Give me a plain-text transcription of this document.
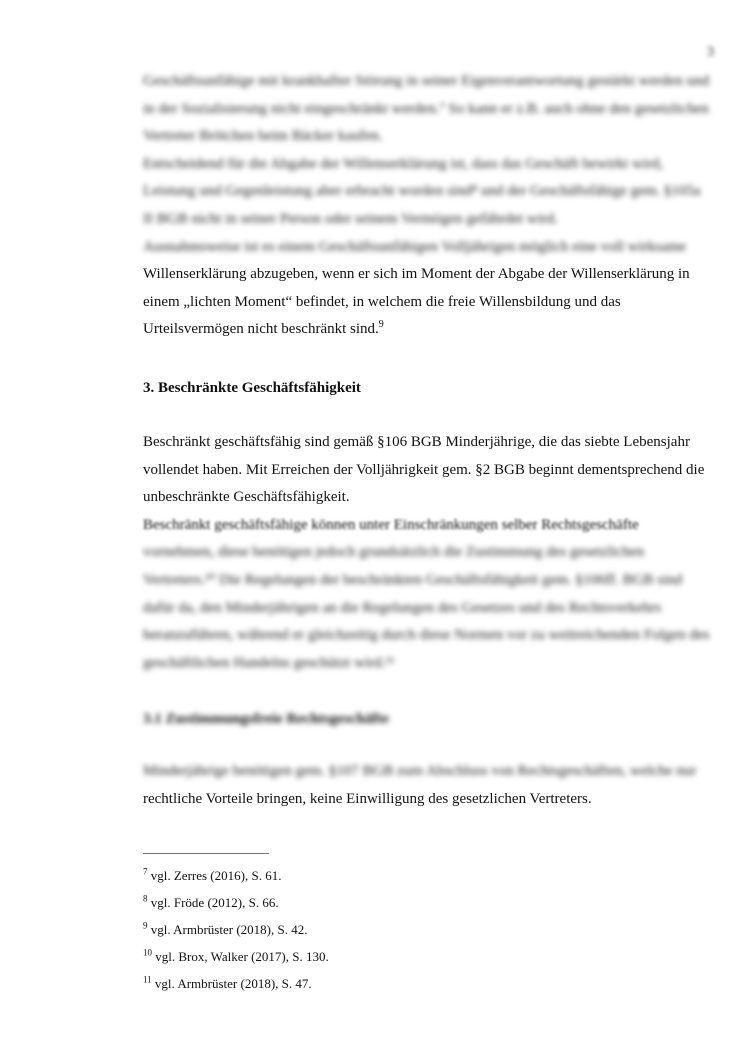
3
Geschäftsunfähige mit krankhafter Störung in seiner Eigenverantwortung gestärkt werden und
in der Sozialisierung nicht eingeschränkt werden.⁷ So kann er z.B. auch ohne den gesetzlichen
Vertreter Brötchen beim Bäcker kaufen.
Entscheidend für die Abgabe der Willenserklärung ist, dass das Geschäft bewirkt wird,
Leistung und Gegenleistung aber erbracht worden sind⁸ und der Geschäftsfähige gem. §105a
II BGB nicht in seiner Person oder seinem Vermögen gefährdet wird.
Ausnahmsweise ist es einem Geschäftsunfähigen Volljährigen möglich eine voll wirksame
Willenserklärung abzugeben, wenn er sich im Moment der Abgabe der Willenserklärung in
einem „lichten Moment“ befindet, in welchem die freie Willensbildung und das
Urteilsvermögen nicht beschränkt sind.$^9$
3. Beschränkte Geschäftsfähigkeit
Beschränkt geschäftsfähig sind gemäß §106 BGB Minderjährige, die das siebte Lebensjahr
vollendet haben. Mit Erreichen der Volljährigkeit gem. §2 BGB beginnt dementsprechend die
unbeschränkte Geschäftsfähigkeit.
Beschränkt geschäftsfähige können unter Einschränkungen selber Rechtsgeschäfte
vornehmen, diese benötigen jedoch grundsätzlich die Zustimmung des gesetzlichen
Vertreters.¹⁰ Die Regelungen der beschränkten Geschäftsfähigkeit gem. §106ff. BGB sind
dafür da, den Minderjährigen an die Regelungen des Gesetzes und des Rechtsverkehrs
heranzuführen, während er gleichzeitig durch diese Normen vor zu weitreichenden Folgen des
geschäftlichen Handelns geschützt wird.¹¹
3.1 Zustimmungsfreie Rechtsgeschäfte
Minderjährige benötigen gem. §107 BGB zum Abschluss von Rechtsgeschäften, welche nur
rechtliche Vorteile bringen, keine Einwilligung des gesetzlichen Vertreters.
$^7$ vgl. Zerres (2016), S. 61.
$^8$ vgl. Fröde (2012), S. 66.
$^9$ vgl. Armbrüster (2018), S. 42.
$^{10}$ vgl. Brox, Walker (2017), S. 130.
$^{11}$ vgl. Armbrüster (2018), S. 47.
